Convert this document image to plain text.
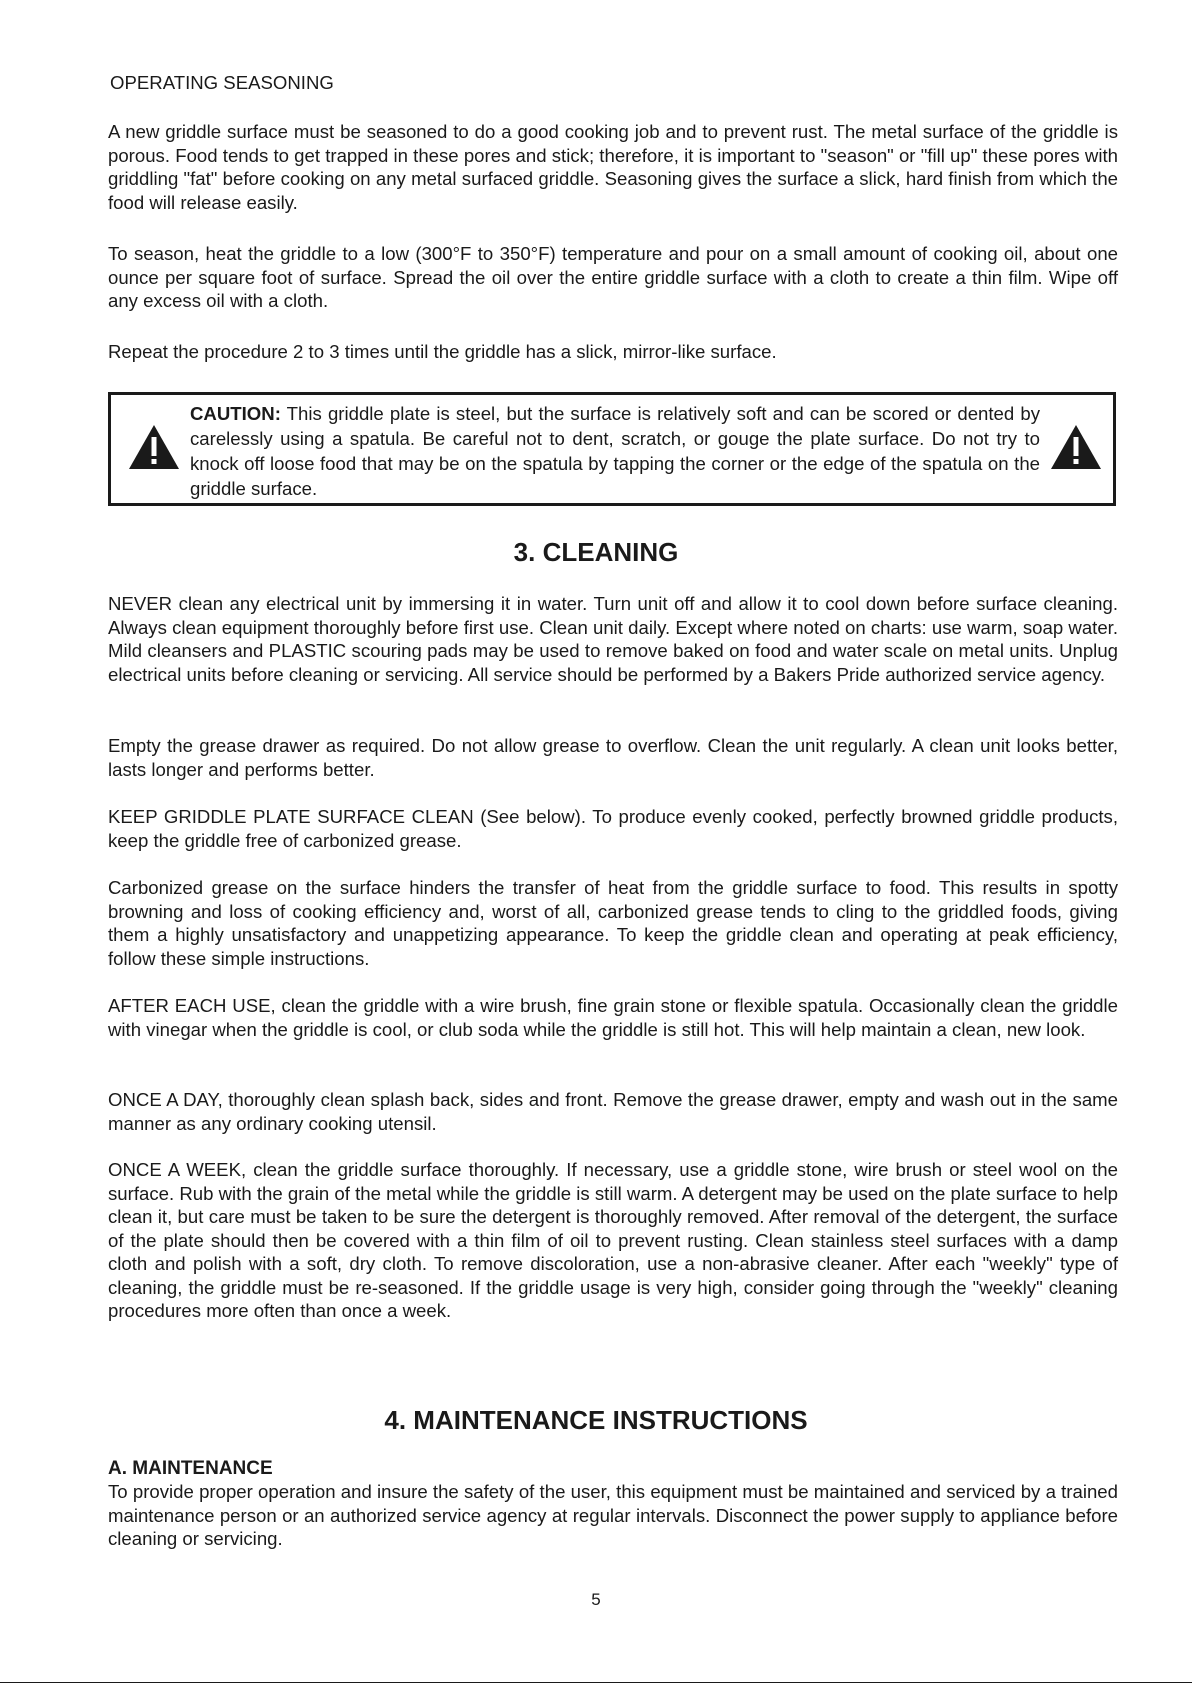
OPERATING SEASONING

A new griddle surface must be seasoned to do a good cooking job and to prevent rust. The metal surface of the griddle is porous. Food tends to get trapped in these pores and stick; therefore, it is important to "season" or "fill up" these pores with griddling "fat" before cooking on any metal surfaced griddle. Seasoning gives the surface a slick, hard finish from which the food will release easily.

To season, heat the griddle to a low (300°F to 350°F) temperature and pour on a small amount of cooking oil, about one ounce per square foot of surface. Spread the oil over the entire griddle surface with a cloth to create a thin film. Wipe off any excess oil with a cloth.

Repeat the procedure 2 to 3 times until the griddle has a slick, mirror-like surface.

CAUTION: This griddle plate is steel, but the surface is relatively soft and can be scored or dented by carelessly using a spatula. Be careful not to dent, scratch, or gouge the plate surface. Do not try to knock off loose food that may be on the spatula by tapping the corner or the edge of the spatula on the griddle surface.

3. CLEANING

NEVER clean any electrical unit by immersing it in water. Turn unit off and allow it to cool down before surface cleaning. Always clean equipment thoroughly before first use. Clean unit daily. Except where noted on charts: use warm, soap water. Mild cleansers and PLASTIC scouring pads may be used to remove baked on food and water scale on metal units. Unplug electrical units before cleaning or servicing. All service should be performed by a Bakers Pride authorized service agency.

Empty the grease drawer as required. Do not allow grease to overflow. Clean the unit regularly. A clean unit looks better, lasts longer and performs better.

KEEP GRIDDLE PLATE SURFACE CLEAN (See below). To produce evenly cooked, perfectly browned griddle products, keep the griddle free of carbonized grease.

Carbonized grease on the surface hinders the transfer of heat from the griddle surface to food. This results in spotty browning and loss of cooking efficiency and, worst of all, carbonized grease tends to cling to the griddled foods, giving them a highly unsatisfactory and unappetizing appearance. To keep the griddle clean and operating at peak efficiency, follow these simple instructions.

AFTER EACH USE, clean the griddle with a wire brush, fine grain stone or flexible spatula. Occasionally clean the griddle with vinegar when the griddle is cool, or club soda while the griddle is still hot. This will help maintain a clean, new look.

ONCE A DAY, thoroughly clean splash back, sides and front. Remove the grease drawer, empty and wash out in the same manner as any ordinary cooking utensil.

ONCE A WEEK, clean the griddle surface thoroughly. If necessary, use a griddle stone, wire brush or steel wool on the surface. Rub with the grain of the metal while the griddle is still warm. A detergent may be used on the plate surface to help clean it, but care must be taken to be sure the detergent is thoroughly removed. After removal of the detergent, the surface of the plate should then be covered with a thin film of oil to prevent rusting. Clean stainless steel surfaces with a damp cloth and polish with a soft, dry cloth. To remove discoloration, use a non-abrasive cleaner. After each "weekly" type of cleaning, the griddle must be re-seasoned. If the griddle usage is very high, consider going through the "weekly" cleaning procedures more often than once a week.

4. MAINTENANCE INSTRUCTIONS

A. MAINTENANCE

To provide proper operation and insure the safety of the user, this equipment must be maintained and serviced by a trained maintenance person or an authorized service agency at regular intervals. Disconnect the power supply to appliance before cleaning or servicing.

5
